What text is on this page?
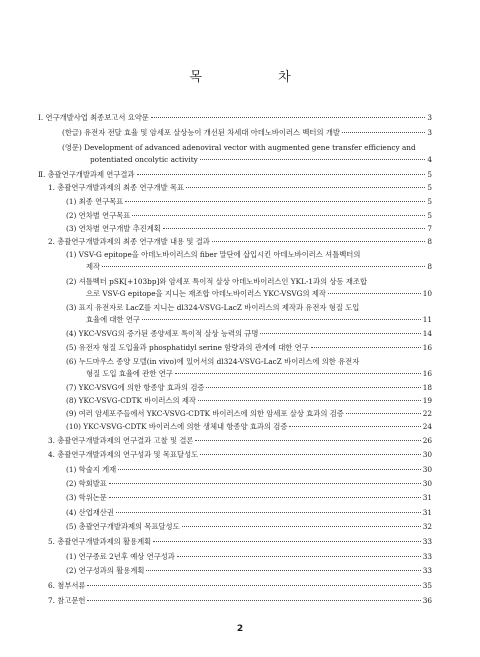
목 차
Ⅰ. 연구개발사업 최종보고서 요약문	3
(한글) 유전자 전달 효율 및 암세포 살상능이 개선된 차세대 아데노바이러스 벡터의 개발	3
(영문) Development of advanced adenoviral vector with augmented gene transfer efficiency and
potentiated oncolytic activity	4
Ⅱ. 총괄연구개발과제 연구결과	5
1. 총괄연구개발과제의 최종 연구개발 목표	5
(1) 최종 연구목표	5
(2) 연차별 연구목표	5
(3) 연차별 연구개발 추진계획	7
2. 총괄연구개발과제의 최종 연구개발 내용 및 결과	8
(1) VSV-G epitope을 아데노바이러스의 fiber 말단에 삽입시킨 아데노바이러스 셔틀벡터의
제작	8
(2) 셔틀벡터 pSK[+103bp]와 암세포 특이적 살상 아데노바이러스인 YKL-1과의 상동 재조합
으로 VSV-G epitope을 지니는 재조합 아데노바이러스 YKC-VSVG의 제작	10
(3) 표지 유전자로 LacZ를 지니는 dl324-VSVG-LacZ 바이러스의 제작과 유전자 형질 도입
효율에 대한 연구	11
(4) YKC-VSVG의 증가된 종양세포 특이적 살상 능력의 규명	14
(5) 유전자 형질 도입율과 phosphatidyl serine 함량과의 관계에 대한 연구	16
(6) 누드마우스 종양 모델(in vivo)에 있어서의 dl324-VSVG-LacZ 바이러스에 의한 유전자
형질 도입 효율에 관한 연구	16
(7) YKC-VSVG에 의한 항종양 효과의 검증	18
(8) YKC-VSVG-CDTK 바이러스의 제작	19
(9) 여러 암세포주들에서 YKC-VSVG-CDTK 바이러스에 의한 암세포 살상 효과의 검증	22
(10) YKC-VSVG-CDTK 바이러스에 의한 생체내 항종양 효과의 검증	24
3. 총괄연구개발과제의 연구결과 고찰 및 결론	26
4. 총괄연구개발과제의 연구성과 및 목표달성도	30
(1) 학술지 게재	30
(2) 학회발표	30
(3) 학위논문	31
(4) 산업재산권	31
(5) 총괄연구개발과제의 목표달성도	32
5. 총괄연구개발과제의 활용계획	33
(1) 연구종료 2년후 예상 연구성과	33
(2) 연구성과의 활용계획	33
6. 첨부서류	35
7. 참고문헌	36
2
